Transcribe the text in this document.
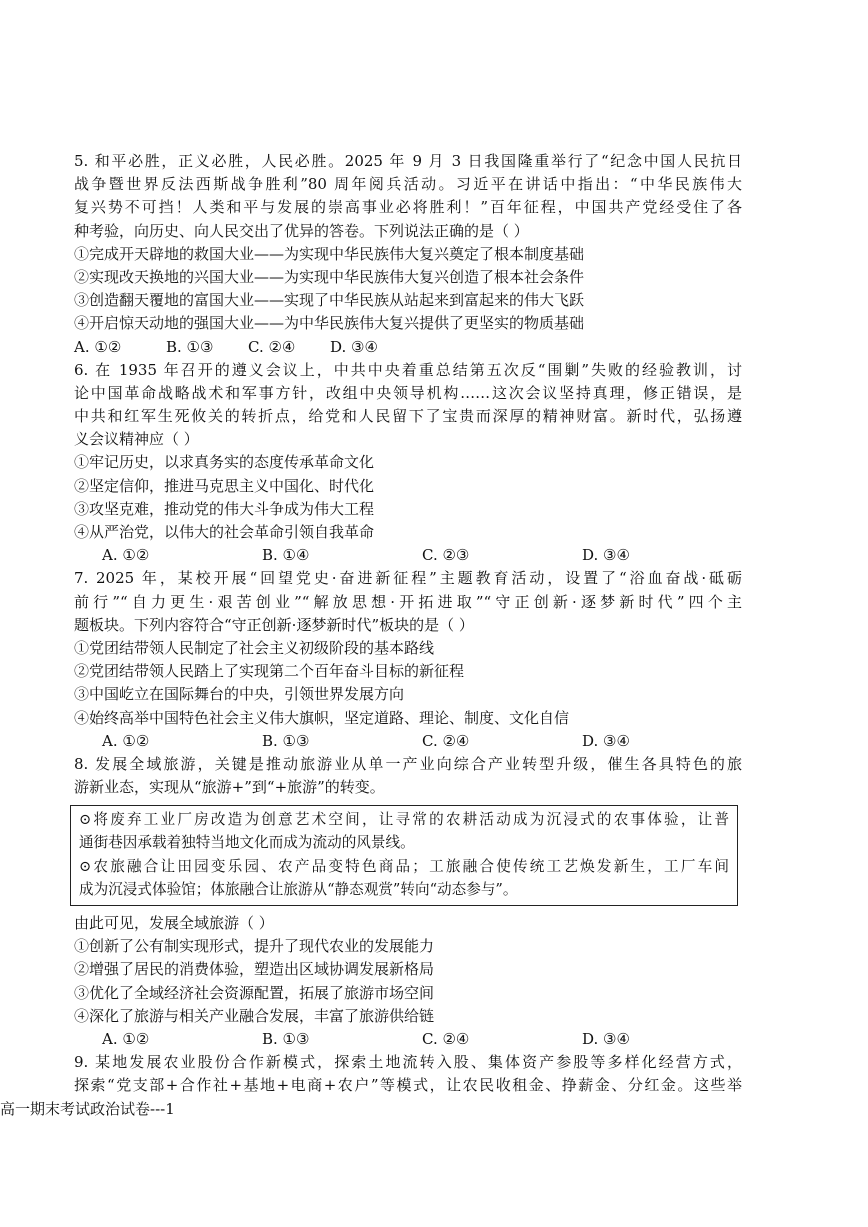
5. 和平必胜，正义必胜，人民必胜。2025 年 9 月 3 日我国隆重举行了“纪念中国人民抗日
战争暨世界反法西斯战争胜利”80 周年阅兵活动。习近平在讲话中指出：“中华民族伟大
复兴势不可挡！人类和平与发展的崇高事业必将胜利！”百年征程，中国共产党经受住了各
种考验，向历史、向人民交出了优异的答卷。下列说法正确的是（ ）
①完成开天辟地的救国大业——为实现中华民族伟大复兴奠定了根本制度基础
②实现改天换地的兴国大业——为实现中华民族伟大复兴创造了根本社会条件
③创造翻天覆地的富国大业——实现了中华民族从站起来到富起来的伟大飞跃
④开启惊天动地的强国大业——为中华民族伟大复兴提供了更坚实的物质基础
A. ①②	B. ①③	C. ②④	D. ③④
6. 在 1935 年召开的遵义会议上，中共中央着重总结第五次反“围剿”失败的经验教训，讨
论中国革命战略战术和军事方针，改组中央领导机构……这次会议坚持真理，修正错误，是
中共和红军生死攸关的转折点，给党和人民留下了宝贵而深厚的精神财富。新时代，弘扬遵
义会议精神应（ ）
①牢记历史，以求真务实的态度传承革命文化
②坚定信仰，推进马克思主义中国化、时代化
③攻坚克难，推动党的伟大斗争成为伟大工程
④从严治党，以伟大的社会革命引领自我革命
A. ①②	B. ①④	C. ②③	D. ③④
7. 2025 年，某校开展“回望党史·奋进新征程”主题教育活动，设置了“浴血奋战·砥砺
前行”“自力更生·艰苦创业”“解放思想·开拓进取”“守正创新·逐梦新时代”四个主
题板块。下列内容符合“守正创新·逐梦新时代”板块的是（ ）
①党团结带领人民制定了社会主义初级阶段的基本路线
②党团结带领人民踏上了实现第二个百年奋斗目标的新征程
③中国屹立在国际舞台的中央，引领世界发展方向
④始终高举中国特色社会主义伟大旗帜，坚定道路、理论、制度、文化自信
A. ①②	B. ①③	C. ②④	D. ③④
8. 发展全域旅游，关键是推动旅游业从单一产业向综合产业转型升级，催生各具特色的旅
游新业态，实现从“旅游+”到“+旅游”的转变。
⊙将废弃工业厂房改造为创意艺术空间，让寻常的农耕活动成为沉浸式的农事体验，让普
通街巷因承载着独特当地文化而成为流动的风景线。
⊙农旅融合让田园变乐园、农产品变特色商品；工旅融合使传统工艺焕发新生，工厂车间
成为沉浸式体验馆；体旅融合让旅游从“静态观赏”转向“动态参与”。
由此可见，发展全域旅游（ ）
①创新了公有制实现形式，提升了现代农业的发展能力
②增强了居民的消费体验，塑造出区域协调发展新格局
③优化了全域经济社会资源配置，拓展了旅游市场空间
④深化了旅游与相关产业融合发展，丰富了旅游供给链
A. ①②	B. ①③	C. ②④	D. ③④
9. 某地发展农业股份合作新模式，探索土地流转入股、集体资产参股等多样化经营方式，
探索“党支部+合作社+基地+电商+农户”等模式，让农民收租金、挣薪金、分红金。这些举
高一期末考试政治试卷---1
